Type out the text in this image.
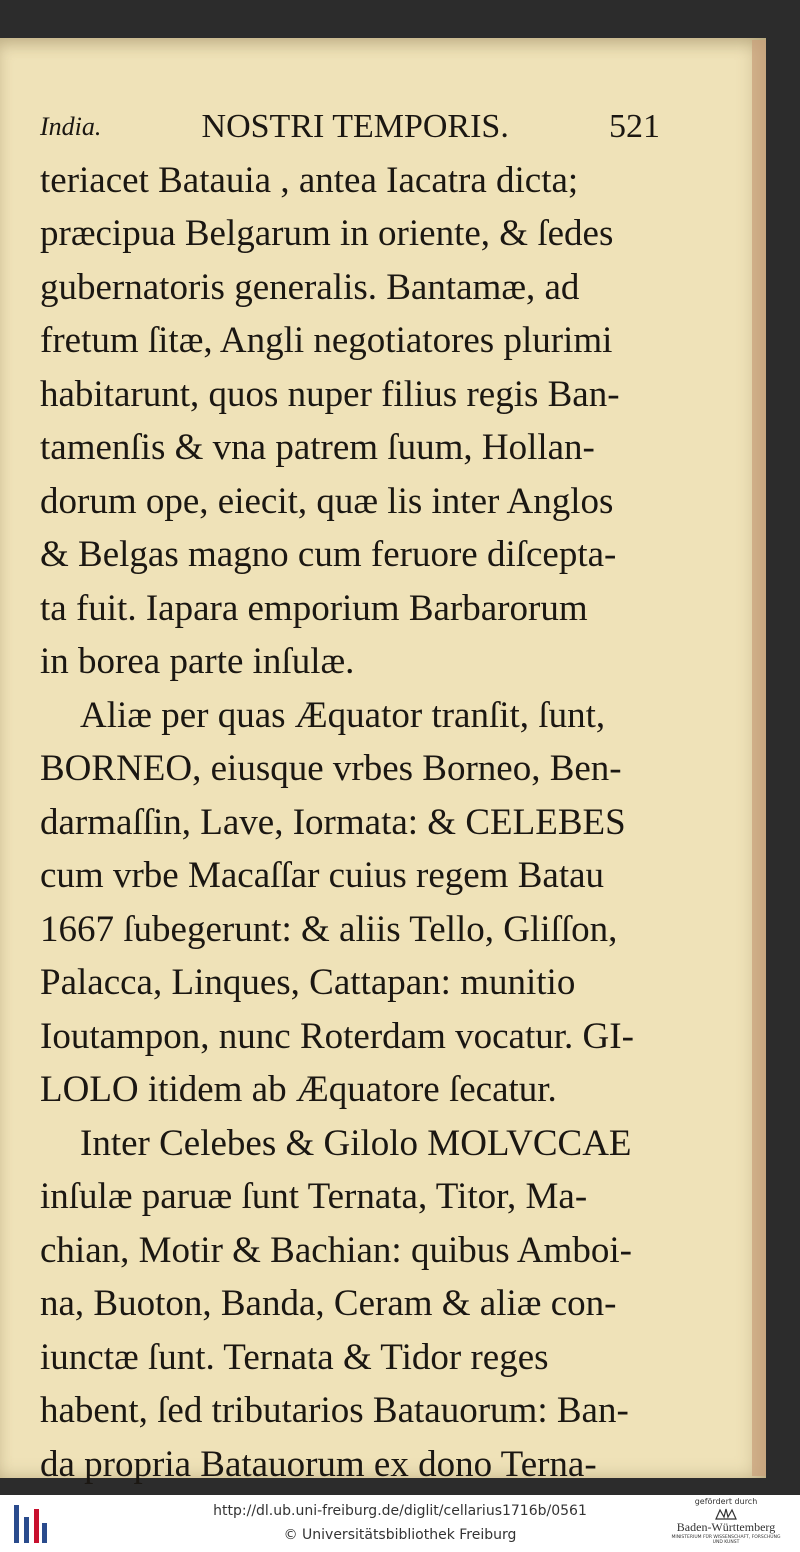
India.	NOSTRI TEMPORIS.	521
teriacet Batauia , antea Iacatra dicta;
præcipua Belgarum in oriente, & ſedes
gubernatoris generalis. Bantamæ, ad
fretum ſitæ, Angli negotiatores plurimi
habitarunt, quos nuper filius regis Ban-
tamenſis & vna patrem ſuum, Hollan-
dorum ope, eiecit, quæ lis inter Anglos
& Belgas magno cum feruore diſcepta-
ta fuit. Iapara emporium Barbarorum
in borea parte inſulæ.
Aliæ per quas Æquator tranſit, ſunt,
BORNEO, eiusque vrbes Borneo, Ben-
darmaſſin, Lave, Iormata: & CELEBES
cum vrbe Macaſſar cuius regem Batau
1667 ſubegerunt: & aliis Tello, Gliſſon,
Palacca, Linques, Cattapan: munitio
Ioutampon, nunc Roterdam vocatur. GI-
LOLO itidem ab Æquatore ſecatur.
Inter Celebes & Gilolo MOLVCCAE
inſulæ paruæ ſunt Ternata, Titor, Ma-
chian, Motir & Bachian: quibus Amboi-
na, Buoton, Banda, Ceram & aliæ con-
iunctæ ſunt. Ternata & Tidor reges
habent, ſed tributarios Batauorum: Ban-
da propria Batauorum ex dono Terna-
http://dl.ub.uni-freiburg.de/diglit/cellarius1716b/0561
© Universitätsbibliothek Freiburg
gefördert durch
Baden-Württemberg
MINISTERIUM FÜR WISSENSCHAFT, FORSCHUNG UND KUNST
